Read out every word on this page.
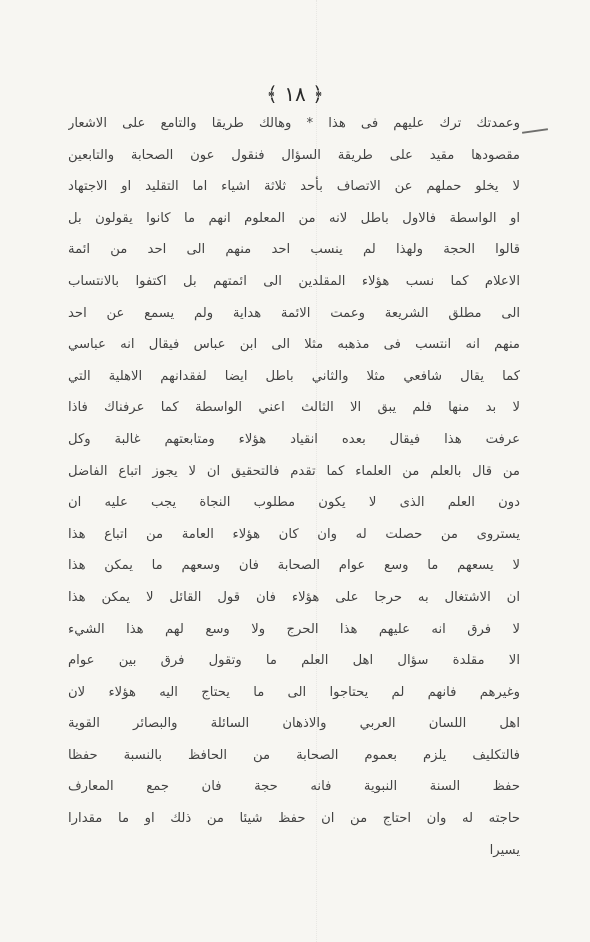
﴿ ١٨ ﴾
وعمدتك ترك عليهم فى هذا * وهالك طريقا والتامع على الاشعار
مقصودها مقيد على طريقة السؤال فنقول عون الصحابة والتابعين
لا يخلو حملهم عن الاتصاف بأحد ثلاثة اشياء اما التقليد او الاجتهاد
او الواسطة فالاول باطل لانه من المعلوم انهم ما كانوا يقولون بل
قالوا الحجة ولهذا لم ينسب احد منهم الى احد من ائمة
الاعلام كما نسب هؤلاء المقلدين الى ائمتهم بل اكتفوا بالانتساب
الى مطلق الشريعة وعمت الائمة هداية ولم يسمع عن احد
منهم انه انتسب فى مذهبه مثلا الى ابن عباس فيقال انه عباسي
كما يقال شافعي مثلا والثاني باطل ايضا لفقدانهم الاهلية التي
لا بد منها فلم يبق الا الثالث اعني الواسطة كما عرفناك فاذا
عرفت هذا فيقال بعده انقياد هؤلاء ومتابعتهم غالبة وكل
من قال بالعلم من العلماء كما تقدم فالتحقيق ان لا يجوز اتباع الفاضل
دون العلم الذى لا يكون مطلوب النجاة يجب عليه ان
يستروى من حصلت له وان كان هؤلاء العامة من اتباع هذا
لا يسعهم ما وسع عوام الصحابة فان وسعهم ما يمكن هذا
ان الاشتغال به حرجا على هؤلاء فان قول القائل لا يمكن هذا
لا فرق انه عليهم هذا الحرج ولا وسع لهم هذا الشيء
الا مقلدة سؤال اهل العلم ما وتقول فرق بين عوام
وغيرهم فانهم لم يحتاجوا الى ما يحتاج اليه هؤلاء لان
اهل اللسان العربي والاذهان السائلة والبصائر القوية
فالتكليف يلزم بعموم الصحابة من الحافظ بالنسبة حفظا
حفظ السنة النبوية فانه حجة فان جمع المعارف
حاجته له وان احتاج من ان حفظ شيئا من ذلك او ما مقدارا
يسيرا
